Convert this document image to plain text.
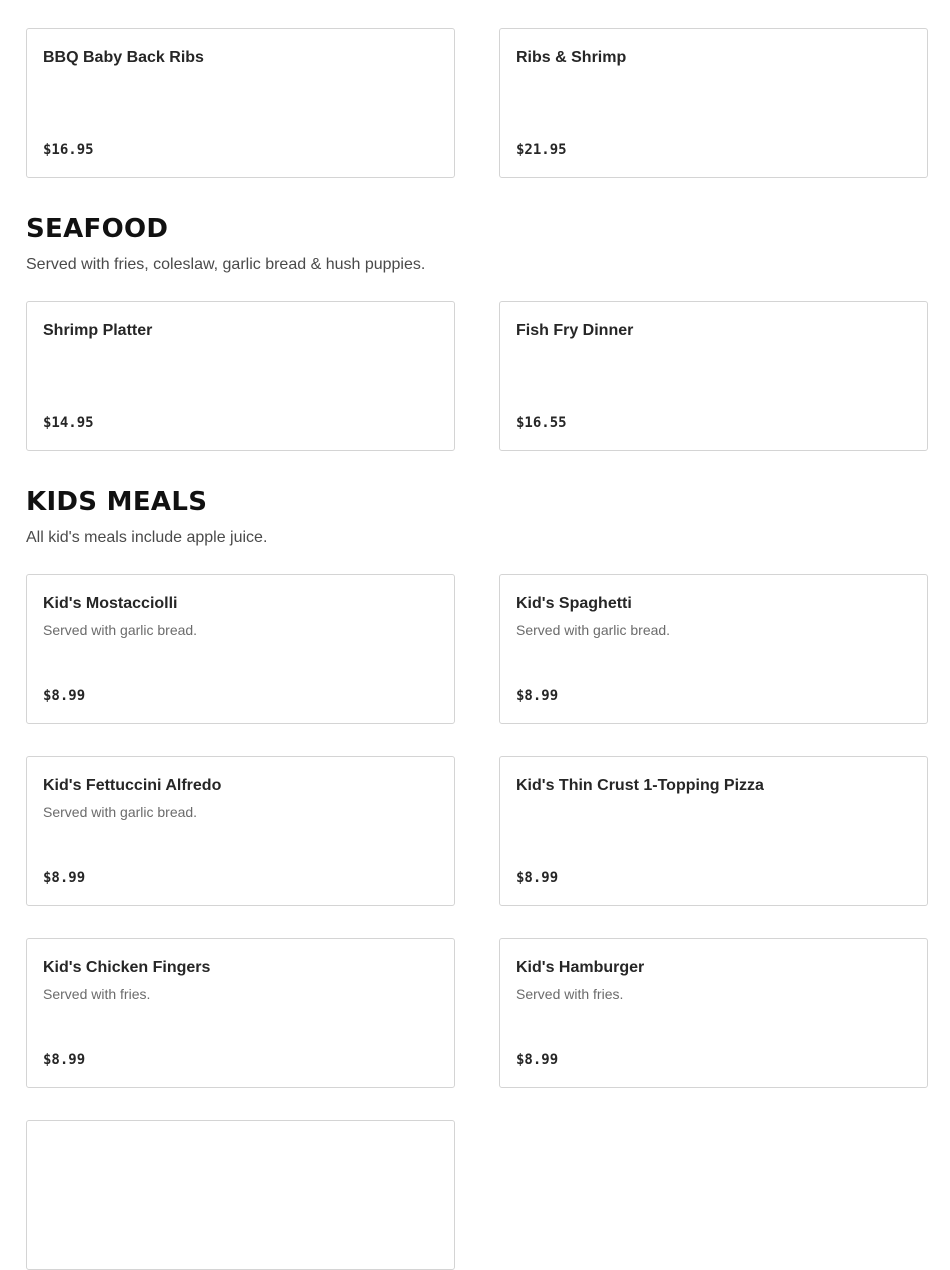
BBQ Baby Back Ribs
$16.95
Ribs & Shrimp
$21.95
SEAFOOD

Served with fries, coleslaw, garlic bread & hush puppies.

Shrimp Platter
$14.95
Fish Fry Dinner
$16.55
KIDS MEALS

All kid's meals include apple juice.

Kid's Mostacciolli
Served with garlic bread.
$8.99
Kid's Spaghetti
Served with garlic bread.
$8.99
Kid's Fettuccini Alfredo
Served with garlic bread.
$8.99
Kid's Thin Crust 1-Topping Pizza
$8.99
Kid's Chicken Fingers
Served with fries.
$8.99
Kid's Hamburger
Served with fries.
$8.99
